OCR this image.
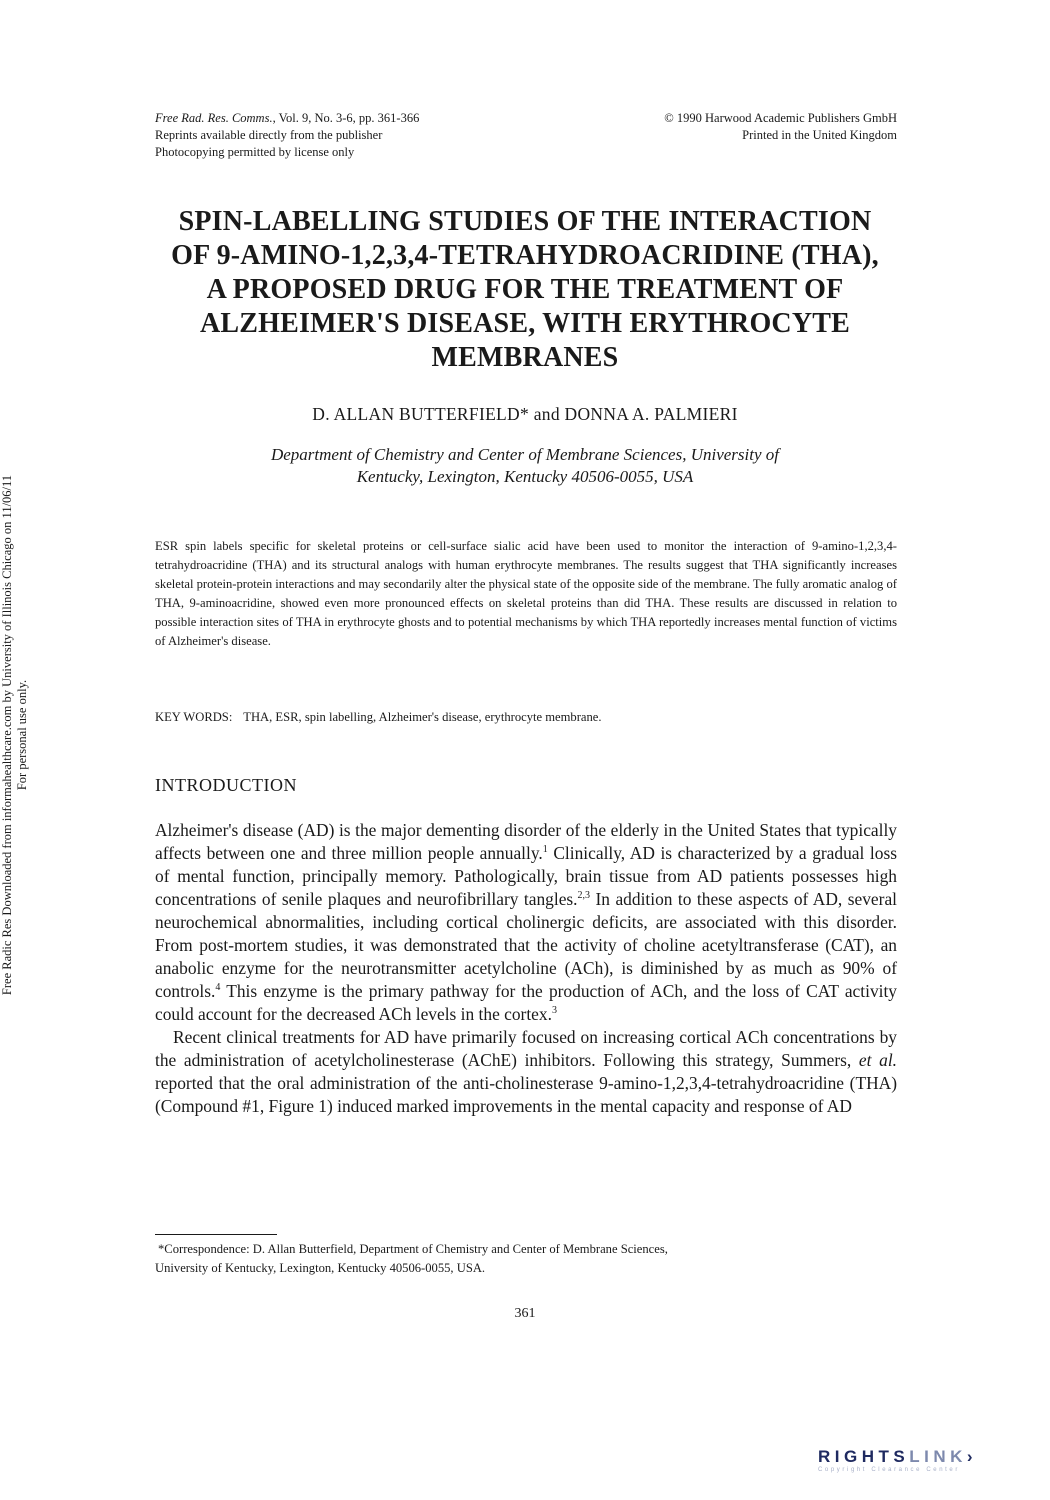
Free Radic Res Downloaded from informahealthcare.com by University of Illinois Chicago on 11/06/11 For personal use only.
Free Rad. Res. Comms., Vol. 9, No. 3-6, pp. 361-366
Reprints available directly from the publisher
Photocopying permitted by license only
© 1990 Harwood Academic Publishers GmbH
Printed in the United Kingdom
SPIN-LABELLING STUDIES OF THE INTERACTION
OF 9-AMINO-1,2,3,4-TETRAHYDROACRIDINE (THA),
A PROPOSED DRUG FOR THE TREATMENT OF
ALZHEIMER'S DISEASE, WITH ERYTHROCYTE
MEMBRANES
D. ALLAN BUTTERFIELD* and DONNA A. PALMIERI
Department of Chemistry and Center of Membrane Sciences, University of
Kentucky, Lexington, Kentucky 40506-0055, USA
ESR spin labels specific for skeletal proteins or cell-surface sialic acid have been used to monitor the interaction of 9-amino-1,2,3,4-tetrahydroacridine (THA) and its structural analogs with human erythrocyte membranes. The results suggest that THA significantly increases skeletal protein-protein interactions and may secondarily alter the physical state of the opposite side of the membrane. The fully aromatic analog of THA, 9-aminoacridine, showed even more pronounced effects on skeletal proteins than did THA. These results are discussed in relation to possible interaction sites of THA in erythrocyte ghosts and to potential mechanisms by which THA reportedly increases mental function of victims of Alzheimer's disease.
KEY WORDS: THA, ESR, spin labelling, Alzheimer's disease, erythrocyte membrane.
INTRODUCTION

Alzheimer's disease (AD) is the major dementing disorder of the elderly in the United States that typically affects between one and three million people annually.$^1$ Clinically, AD is characterized by a gradual loss of mental function, principally memory. Pathologically, brain tissue from AD patients possesses high concentrations of senile plaques and neurofibrillary tangles.$^{2,3}$ In addition to these aspects of AD, several neurochemical abnormalities, including cortical cholinergic deficits, are associated with this disorder. From post-mortem studies, it was demonstrated that the activity of choline acetyltransferase (CAT), an anabolic enzyme for the neurotransmitter acetylcholine (ACh), is diminished by as much as 90% of controls.$^4$ This enzyme is the primary pathway for the production of ACh, and the loss of CAT activity could account for the decreased ACh levels in the cortex.$^3$

Recent clinical treatments for AD have primarily focused on increasing cortical ACh concentrations by the administration of acetylcholinesterase (AChE) inhibitors. Following this strategy, Summers, et al. reported that the oral administration of the anti-cholinesterase 9-amino-1,2,3,4-tetrahydroacridine (THA) (Compound #1, Figure 1) induced marked improvements in the mental capacity and response of AD

*Correspondence: D. Allan Butterfield, Department of Chemistry and Center of Membrane Sciences,
University of Kentucky, Lexington, Kentucky 40506-0055, USA.
361
RIGHTSLINK›
Copyright Clearance Center
